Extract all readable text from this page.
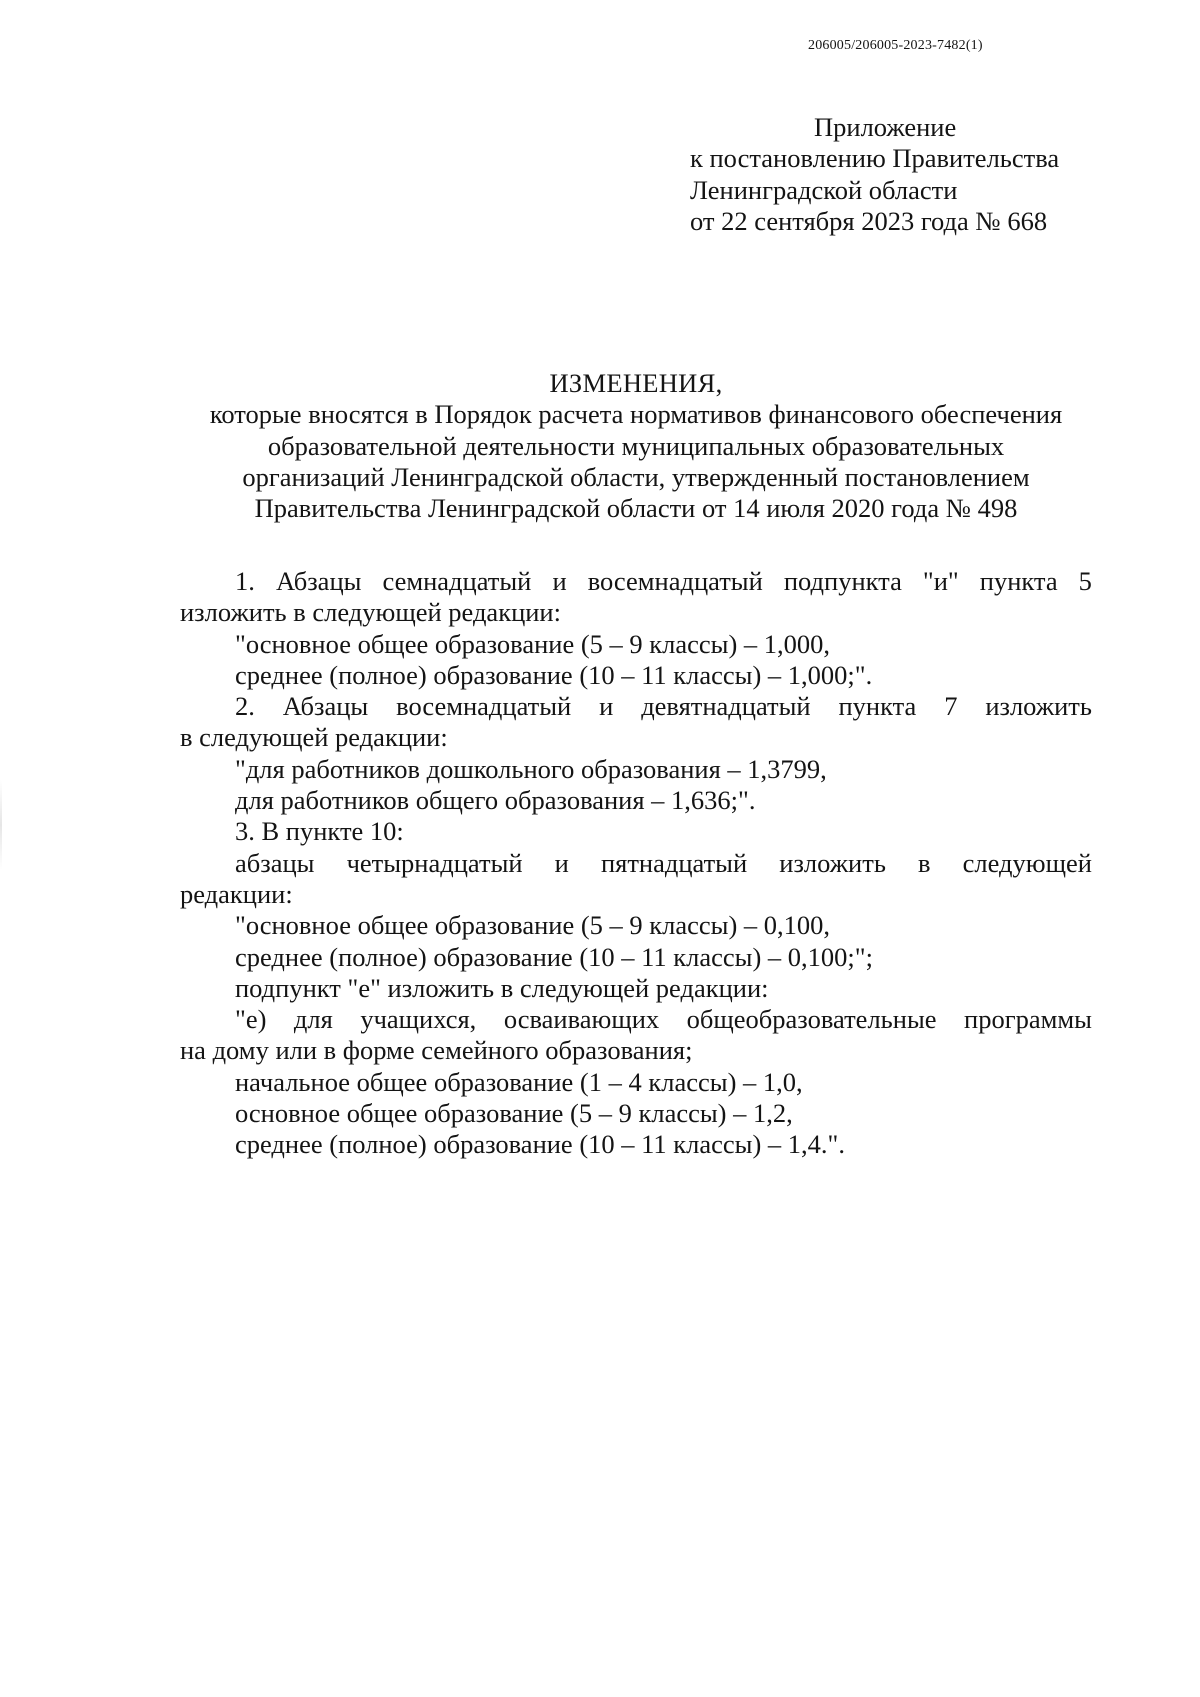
206005/206005-2023-7482(1)
Приложение
к постановлению Правительства
Ленинградской области
от 22 сентября 2023 года № 668
ИЗМЕНЕНИЯ,
которые вносятся в Порядок расчета нормативов финансового обеспечения
образовательной деятельности муниципальных образовательных
организаций Ленинградской области, утвержденный постановлением
Правительства Ленинградской области от 14 июля 2020 года № 498
1. Абзацы семнадцатый и восемнадцатый подпункта "и" пункта 5
изложить в следующей редакции:
"основное общее образование (5 – 9 классы) – 1,000,
среднее (полное) образование (10 – 11 классы) – 1,000;".
2. Абзацы восемнадцатый и девятнадцатый пункта 7 изложить
в следующей редакции:
"для работников дошкольного образования – 1,3799,
для работников общего образования – 1,636;".
3. В пункте 10:
абзацы четырнадцатый и пятнадцатый изложить в следующей
редакции:
"основное общее образование (5 – 9 классы) – 0,100,
среднее (полное) образование (10 – 11 классы) – 0,100;";
подпункт "е" изложить в следующей редакции:
"е) для учащихся, осваивающих общеобразовательные программы
на дому или в форме семейного образования;
начальное общее образование (1 – 4 классы) – 1,0,
основное общее образование (5 – 9 классы) – 1,2,
среднее (полное) образование (10 – 11 классы) – 1,4.".
